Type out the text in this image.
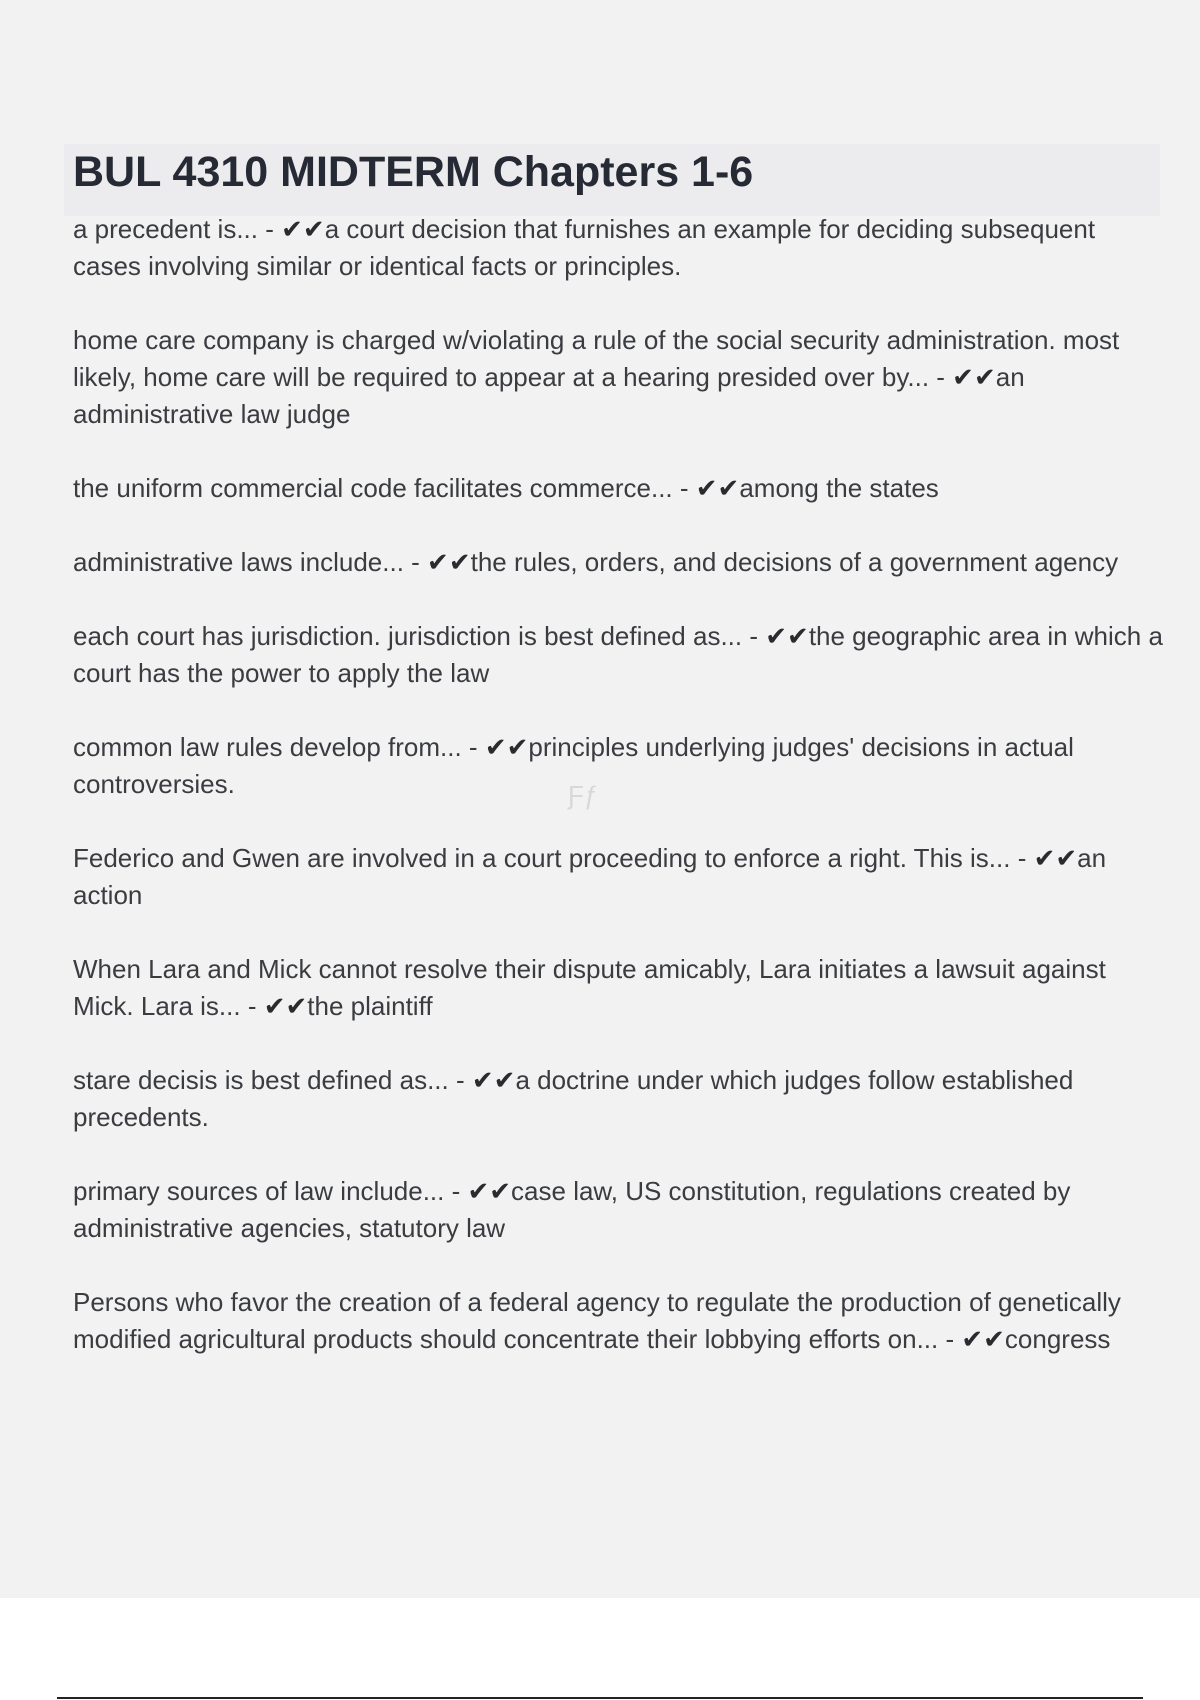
BUL 4310 MIDTERM Chapters 1-6

a precedent is... - ✔✔a court decision that furnishes an example for deciding subsequent cases involving similar or identical facts or principles.

home care company is charged w/violating a rule of the social security administration. most likely, home care will be required to appear at a hearing presided over by... - ✔✔an administrative law judge

the uniform commercial code facilitates commerce... - ✔✔among the states

administrative laws include... - ✔✔the rules, orders, and decisions of a government agency

each court has jurisdiction. jurisdiction is best defined as... - ✔✔the geographic area in which a court has the power to apply the law

common law rules develop from... - ✔✔principles underlying judges' decisions in actual controversies.

Federico and Gwen are involved in a court proceeding to enforce a right. This is... - ✔✔an action

When Lara and Mick cannot resolve their dispute amicably, Lara initiates a lawsuit against Mick. Lara is... - ✔✔the plaintiff

stare decisis is best defined as... - ✔✔a doctrine under which judges follow established precedents.

primary sources of law include... - ✔✔case law, US constitution, regulations created by administrative agencies, statutory law

Persons who favor the creation of a federal agency to regulate the production of genetically modified agricultural products should concentrate their lobbying efforts on... - ✔✔congress

Ƒƒ
